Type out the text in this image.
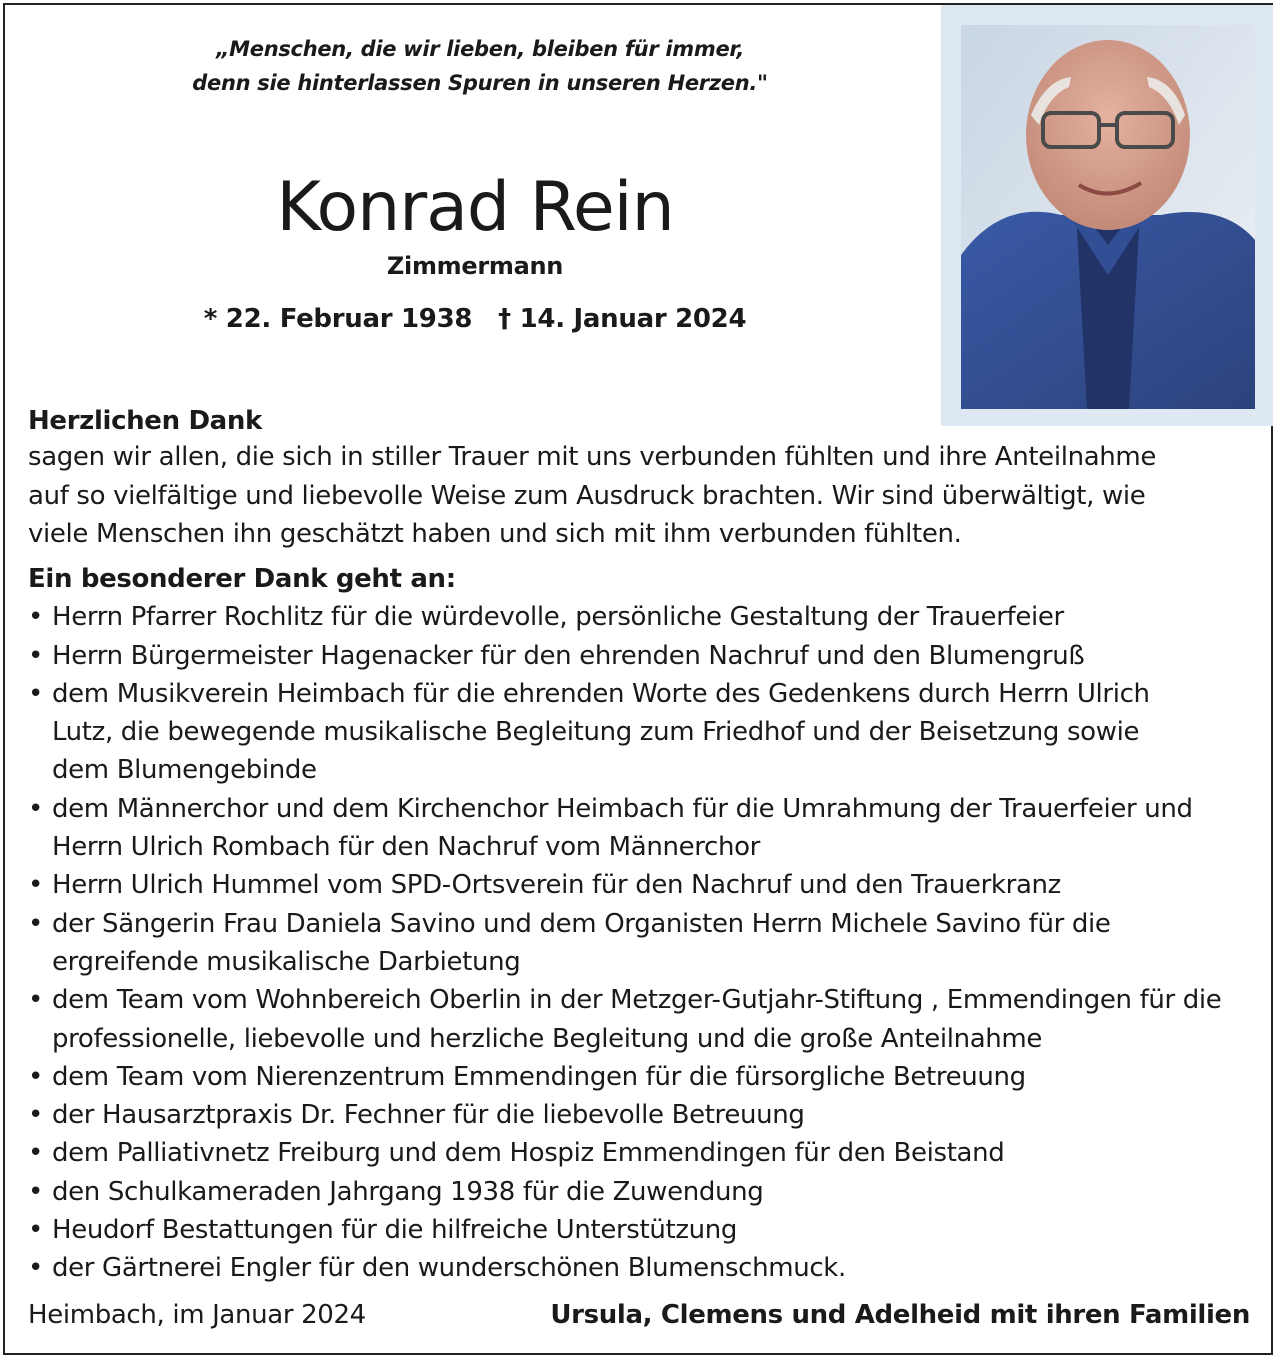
„Menschen, die wir lieben, bleiben für immer,
denn sie hinterlassen Spuren in unseren Herzen."
Konrad Rein
Zimmermann
* 22. Februar 1938 † 14. Januar 2024
Herzlichen Dank
sagen wir allen, die sich in stiller Trauer mit uns verbunden fühlten und ihre Anteilnahme
auf so vielfältige und liebevolle Weise zum Ausdruck brachten. Wir sind überwältigt, wie
viele Menschen ihn geschätzt haben und sich mit ihm verbunden fühlten.
Ein besonderer Dank geht an:
• Herrn Pfarrer Rochlitz für die würdevolle, persönliche Gestaltung der Trauerfeier
• Herrn Bürgermeister Hagenacker für den ehrenden Nachruf und den Blumengruß
• dem Musikverein Heimbach für die ehrenden Worte des Gedenkens durch Herrn Ulrich Lutz, die bewegende musikalische Begleitung zum Friedhof und der Beisetzung sowie dem Blumengebinde
• dem Männerchor und dem Kirchenchor Heimbach für die Umrahmung der Trauerfeier und Herrn Ulrich Rombach für den Nachruf vom Männerchor
• Herrn Ulrich Hummel vom SPD-Ortsverein für den Nachruf und den Trauerkranz
• der Sängerin Frau Daniela Savino und dem Organisten Herrn Michele Savino für die ergreifende musikalische Darbietung
• dem Team vom Wohnbereich Oberlin in der Metzger-Gutjahr-Stiftung , Emmendingen für die professionelle, liebevolle und herzliche Begleitung und die große Anteilnahme
• dem Team vom Nierenzentrum Emmendingen für die fürsorgliche Betreuung
• der Hausarztpraxis Dr. Fechner für die liebevolle Betreuung
• dem Palliativnetz Freiburg und dem Hospiz Emmendingen für den Beistand
• den Schulkameraden Jahrgang 1938 für die Zuwendung
• Heudorf Bestattungen für die hilfreiche Unterstützung
• der Gärtnerei Engler für den wunderschönen Blumenschmuck.
Heimbach, im Januar 2024	Ursula, Clemens und Adelheid mit ihren Familien
